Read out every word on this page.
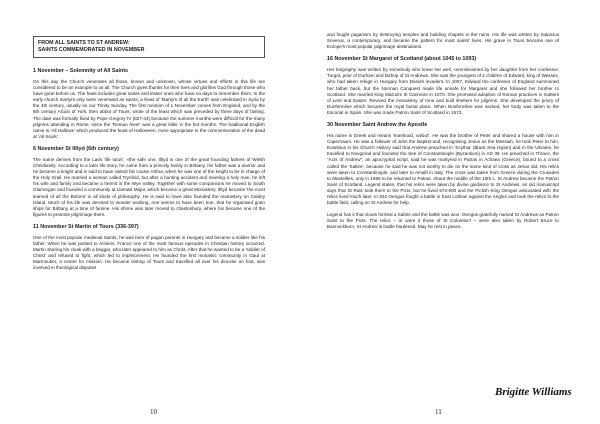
FROM ALL SAINTS TO ST ANDREW:
SAINTS COMMEMORATED IN NOVEMBER
1 November – Solemnity of All Saints

On this day the Church venerates all those, known and unknown, whose virtues and efforts in this life are considered to be an example to us all. The Church gives thanks for their lives and glorifies God through those who have gone before us. The feast includes great saints and lesser ones who have no days to remember them. In the early church martyrs only were venerated as saints; a feast of 'Martyrs of all the Earth' was celebrated in Syria by the 4th century, usually on our Trinity Sunday. The first mention of 1 November comes from England, and by the 8th century Alcuin of York, then abbot of Tours, wrote of the feast which was preceded by three days of fasting. The date was formally fixed by Pope Gregory IV (827-44) because the summer months were difficult for the many pilgrims attending in Rome, since the 'Roman fever' was a great killer in the hot months. The traditional English name is 'All Hallows' which produced the feast of Halloween, more appropriate to the commemoration of the dead at 'All Souls'.

6 November St Illtyd (6th century)

The name derives from the Latin 'ille tutus', «the safe one. Illtyd is one of the great founding fathers of Welsh Christianity. According to a later life story, he came from a princely family in Brittany, his father was a warrior and he became a knight and is said to have visited his cousin Arthur, when he was one of the knight to be in charge of the Holy Grail. He married a woman called Trynihid, but after a hunting accident and meeting a holy man, he left his wife and family and became a hermit in the Wye Valley. Together with some companions he moved to South Glamorgan and founded a community at Llantwit Major, which became a great Monastery. Illtyd became 'the most learned of all the Britons' in all kinds of philosophy. He is said to have also founded the monastery on Caldey Island. Much of his life was devoted to wonder working, one seems to have been true, that he organised grain ships for Brittany at a time of famine. His shrine was later moved to Glastonbury, where his became one of the figures to promote pilgrimage there.

11 November St Martin of Tours (336-397)

One of the most popular medieval Saints, he was born of pagan parents in Hungary and became a soldier like his father. When he was posted to Amiens, France one of the most famous episodes in Christian history occurred. Martin sharing his cloak with a beggar, who later appeared to him as Christ. After that he wanted to be a 'soldier of Christ' and refused to fight, which led to imprisonment. He founded the first monastic community in Gaul at Marmoutier, a centre for mission. He became bishop of Tours and travelled all over his diocese on foot, was involved in theological disputes

and fought paganism by destroying temples and building chapels in the ruins. His life was written by Sulpicius Severus, a contemporary, and became the pattern for most saints' lives. His grave in Tours became one of Europe's most popular pilgrimage destinations.

16 November St Margaret of Scotland (about 1045 to 1093)

Her biography was written by somebody who knew her well, commissioned by her daughter from her confessor, Turgot, prior of Durham and bishop of St Andrews. She was the youngest of 4 children of Edward, king of Wessex, who had taken refuge in Hungary from Danish invaders. In 1057, Edward the confessor of England summoned her father back, but the Norman Conquest made life unsafe for Margaret and she followed her brother to Scotland. She married King Malcolm III Canmore in 1070. She promoted adoption of Roman practices in matters of Lent and Easter. Revived the monastery of Iona and built shelters for pilgrims. She developed the priory of Dunfermline which became the royal burial place. When Dunfermline was sacked, her body was taken to the Escorial in Spain. She was made Patron Saint of Scotland in 1673.

30 November Saint Andrew the Apostle

His name is Greek and means 'manhood, valour'. He was the brother of Peter and shared a house with him in Capernaum. He was a follower of John the Baptist and, recognising Jesus as the Messiah, he took Peter to him. Eusebius in his Church History said that Andrew preached in 'Scythia' (Black Sea region) and in the Ukraine, he travelled to Novgorod and founded the See of Constantinople (Byzantium) in AD 38. He preached in Thrace, the "Acts of Andrew", an apocryphal script, said he was martyred in Patras in Achaea (Greece), bound to a cross called the 'Saltire', because he said he was not worthy to die on the same kind of cross as Jesus did. His relics were taken to Constantinople, and later to Amalfi in Italy. The cross was taken from Greece during the Crusades to Marseilles, only in 1980 to be returned to Patras. About the middle of the 10th c. St Andrew became the Patron Saint of Scotland. Legend states, that his relics were taken by divine guidance to St Andrews, an old manuscript says that St Rule took them to the Picts, but he lived 573-600 and the Pictish King Oengus associated with the relics lived much later. In 832 Oengus fought a battle in East Lothian against the Angles and took the relics to the battle field, calling on St Andrew for help.

Legend has it that clouts formed a Saltire and the battle was won. Oengus gratefully named St Andrews as Patron Saint to the Picts. The relics – or were it those of St Columba? – were also taken by Robert Bruce to Bannockburn, St Andrew is battle hardened. May he rest in peace.

10	11
Brigitte Williams
